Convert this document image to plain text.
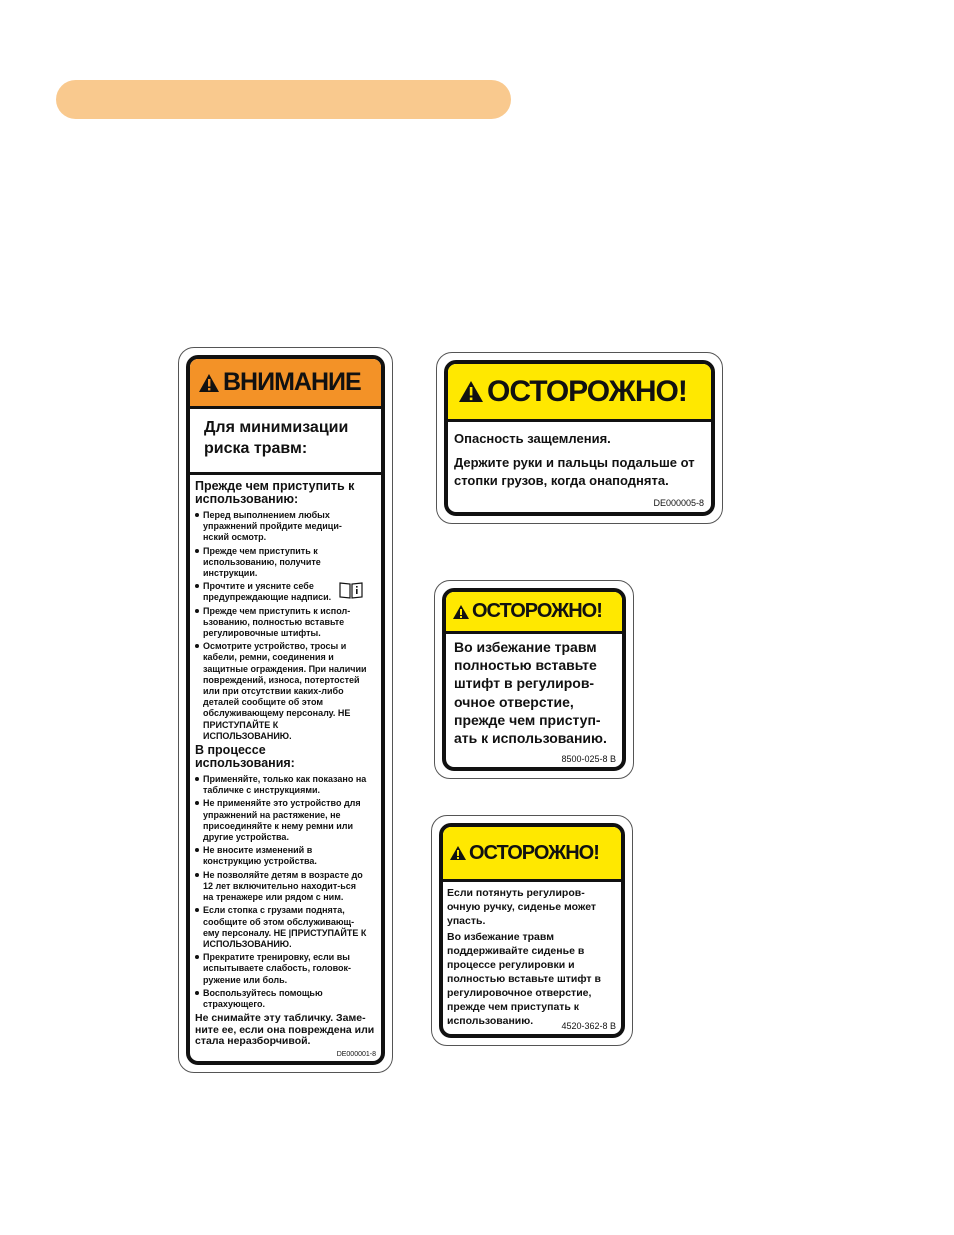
ВНИМАНИЕ
Для минимизации риска травм:
Прежде чем приступить к использованию:
Перед выполнением любых упражнений пройдите медици-нский осмотр.
Прежде чем приступить к использованию, получите инструкции.
Прочтите и уясните себе предупреждающие надписи.
Прежде чем приступить к испол-ьзованию, полностью вставьте регулировочные штифты.
Осмотрите устройство, тросы и кабели, ремни, соединения и защитные ограждения. При наличии повреждений, износа, потертостей или при отсутствии каких-либо деталей сообщите об этом обслуживающему персоналу. НЕ ПРИСТУПАЙТЕ К ИСПОЛЬЗОВАНИЮ.
В процессе использования:
Применяйте, только как показано на табличке с инструкциями.
Не применяйте это устройство для упражнений на растяжение, не присоединяйте к нему ремни или другие устройства.
Не вносите изменений в конструкцию устройства.
Не позволяйте детям в возрасте до 12 лет включительно находит-ься на тренажере или рядом с ним.
Если стопка с грузами поднята, сообщите об этом обслуживающ-ему персоналу. НЕ |ПРИСТУПАЙТЕ К ИСПОЛЬЗОВАНИЮ.
Прекратите тренировку, если вы испытываете слабость, головок-ружение или боль.
Воспользуйтесь помощью страхующего.
Не снимайте эту табличку. Заме-ните ее, если она повреждена или стала неразборчивой.
DE000001-8
ОСТОРОЖНО!
Опасность защемления.
Держите руки и пальцы подальше от стопки грузов, когда онаподнята.
DE000005-8
ОСТОРОЖНО!
Во избежание травм полностью вставьте штифт в регулиров-очное отверстие, прежде чем приступ-ать к использованию.
8500-025-8 B
ОСТОРОЖНО!
Если потянуть регулиров-очную ручку, сиденье может упасть.
Во избежание травм поддерживайте сиденье в процессе регулировки и полностью вставьте штифт в регулировочное отверстие, прежде чем приступать к использованию.	4520-362-8 B
